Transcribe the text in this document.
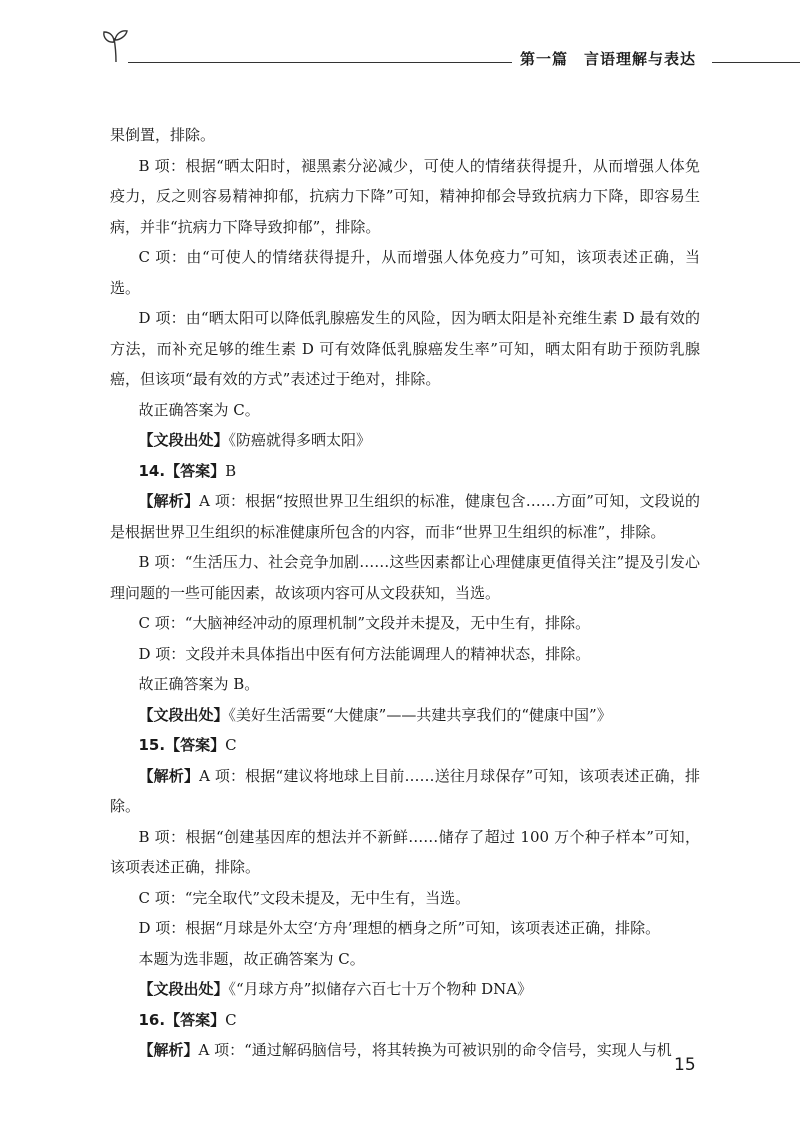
第一篇　言语理解与表达

果倒置，排除。

B 项：根据“晒太阳时，褪黑素分泌减少，可使人的情绪获得提升，从而增强人体免疫力，反之则容易精神抑郁，抗病力下降”可知，精神抑郁会导致抗病力下降，即容易生病，并非“抗病力下降导致抑郁”，排除。

C 项：由“可使人的情绪获得提升，从而增强人体免疫力”可知，该项表述正确，当选。

D 项：由“晒太阳可以降低乳腺癌发生的风险，因为晒太阳是补充维生素 D 最有效的方法，而补充足够的维生素 D 可有效降低乳腺癌发生率”可知，晒太阳有助于预防乳腺癌，但该项“最有效的方式”表述过于绝对，排除。

故正确答案为 C。

【文段出处】《防癌就得多晒太阳》

14.【答案】B

【解析】A 项：根据“按照世界卫生组织的标准，健康包含……方面”可知，文段说的是根据世界卫生组织的标准健康所包含的内容，而非“世界卫生组织的标准”，排除。

B 项：“生活压力、社会竞争加剧……这些因素都让心理健康更值得关注”提及引发心理问题的一些可能因素，故该项内容可从文段获知，当选。

C 项：“大脑神经冲动的原理机制”文段并未提及，无中生有，排除。

D 项：文段并未具体指出中医有何方法能调理人的精神状态，排除。

故正确答案为 B。

【文段出处】《美好生活需要“大健康”——共建共享我们的“健康中国”》

15.【答案】C

【解析】A 项：根据“建议将地球上目前……送往月球保存”可知，该项表述正确，排除。

B 项：根据“创建基因库的想法并不新鲜……储存了超过 100 万个种子样本”可知，该项表述正确，排除。

C 项：“完全取代”文段未提及，无中生有，当选。

D 项：根据“月球是外太空‘方舟’理想的栖身之所”可知，该项表述正确，排除。

本题为选非题，故正确答案为 C。

【文段出处】《“月球方舟”拟储存六百七十万个物种 DNA》

16.【答案】C

【解析】A 项：“通过解码脑信号，将其转换为可被识别的命令信号，实现人与机

15
